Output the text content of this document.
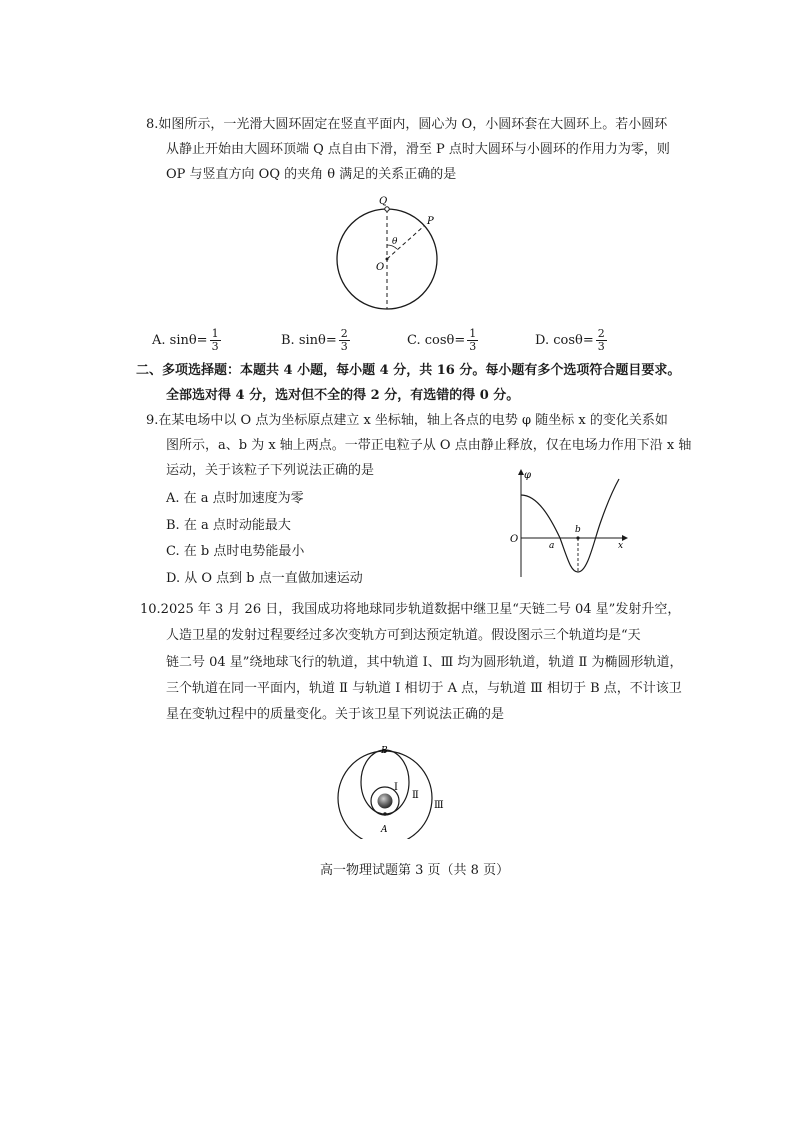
8.如图所示，一光滑大圆环固定在竖直平面内，圆心为 O，小圆环套在大圆环上。若小圆环
从静止开始由大圆环顶端 Q 点自由下滑，滑至 P 点时大圆环与小圆环的作用力为零，则
OP 与竖直方向 OQ 的夹角 θ 满足的关系正确的是
Q
P
O
θ
A. $\sin\theta= \frac{1}{3}$	B. $\sin\theta= \frac{2}{3}$	C. $\cos\theta= \frac{1}{3}$	D. $\cos\theta= \frac{2}{3}$
二、多项选择题：本题共 4 小题，每小题 4 分，共 16 分。每小题有多个选项符合题目要求。
全部选对得 4 分，选对但不全的得 2 分，有选错的得 0 分。
9.在某电场中以 O 点为坐标原点建立 x 坐标轴，轴上各点的电势 φ 随坐标 x 的变化关系如
图所示，a、b 为 x 轴上两点。一带正电粒子从 O 点由静止释放，仅在电场力作用下沿 x 轴
运动，关于该粒子下列说法正确的是
A. 在 a 点时加速度为零
B. 在 a 点时动能最大
C. 在 b 点时电势能最小
D. 从 O 点到 b 点一直做加速运动
φ
O
a
b
x
10.2025 年 3 月 26 日，我国成功将地球同步轨道数据中继卫星“天链二号 04 星”发射升空，
人造卫星的发射过程要经过多次变轨方可到达预定轨道。假设图示三个轨道均是“天
链二号 04 星”绕地球飞行的轨道，其中轨道 Ⅰ、Ⅲ 均为圆形轨道，轨道 Ⅱ 为椭圆形轨道，
三个轨道在同一平面内，轨道 Ⅱ 与轨道 Ⅰ 相切于 A 点，与轨道 Ⅲ 相切于 B 点，不计该卫
星在变轨过程中的质量变化。关于该卫星下列说法正确的是
B
A
Ⅰ
Ⅱ
Ⅲ
高一物理试题第 3 页（共 8 页）
